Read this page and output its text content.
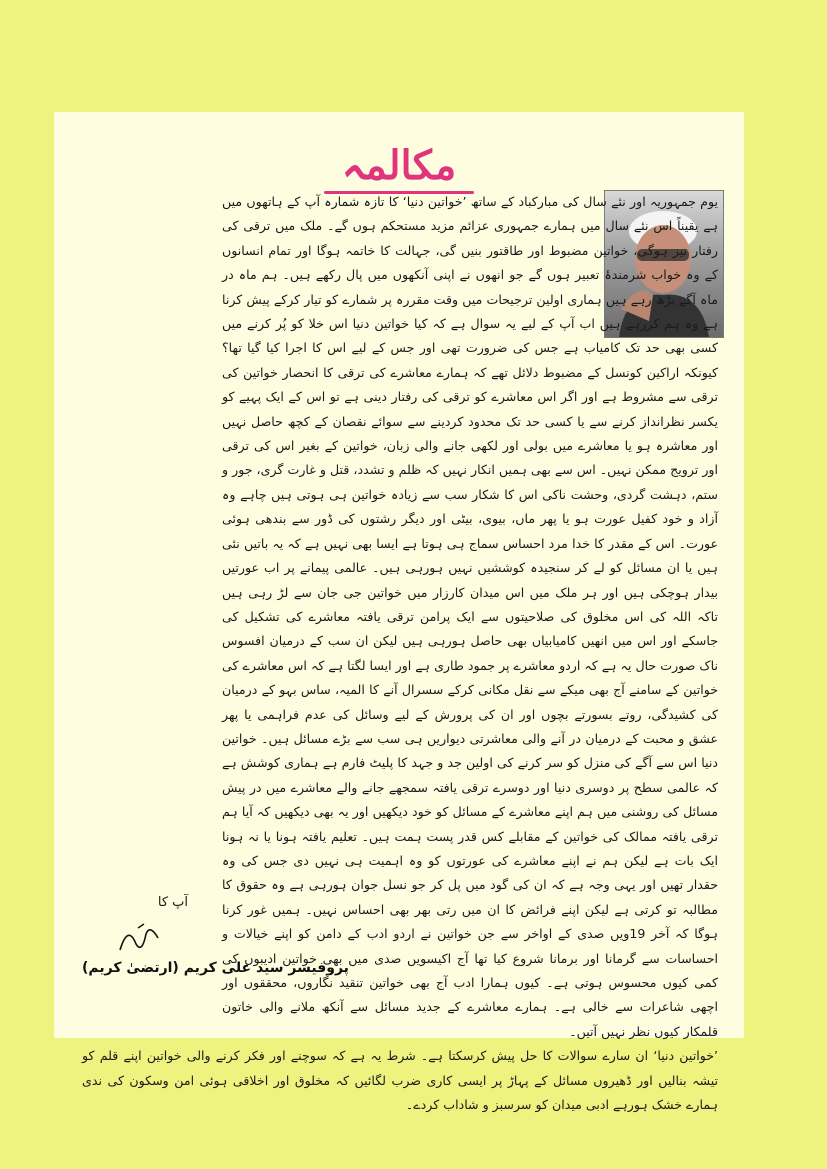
مکالمہ

یوم جمہوریہ اور نئے سال کی مبارکباد کے ساتھ ’خواتین دنیا‘ کا تازہ شمارہ آپ کے ہاتھوں میں ہے یقیناً اس نئے سال میں ہمارے جمہوری عزائم مزید مستحکم ہوں گے۔ ملک میں ترقی کی رفتار تیز ہوگی، خواتین مضبوط اور طاقتور بنیں گی، جہالت کا خاتمہ ہوگا اور تمام انسانوں کے وہ خواب شرمندۂ تعبیر ہوں گے جو انھوں نے اپنی آنکھوں میں پال رکھے ہیں۔ ہم ماہ در ماہ آگے بڑھ رہے ہیں ہماری اولین ترجیحات میں وقت مقررہ پر شمارے کو تیار کرکے پیش کرنا ہے وہ ہم کررہے ہیں اب آپ کے لیے یہ سوال ہے کہ کیا خواتین دنیا اس خلا کو پُر کرنے میں کسی بھی حد تک کامیاب ہے جس کی ضرورت تھی اور جس کے لیے اس کا اجرا کیا گیا تھا؟ کیونکہ اراکین کونسل کے مضبوط دلائل تھے کہ ہمارے معاشرے کی ترقی کا انحصار خواتین کی ترقی سے مشروط ہے اور اگر اس معاشرے کو ترقی کی رفتار دینی ہے تو اس کے ایک پہیے کو یکسر نظرانداز کرنے سے یا کسی حد تک محدود کردینے سے سوائے نقصان کے کچھ حاصل نہیں اور معاشرہ ہو یا معاشرے میں بولی اور لکھی جانے والی زبان، خواتین کے بغیر اس کی ترقی اور ترویج ممکن نہیں۔ اس سے بھی ہمیں انکار نہیں کہ ظلم و تشدد، قتل و غارت گری، جور و ستم، دہشت گردی، وحشت ناکی اس کا شکار سب سے زیادہ خواتین ہی ہوتی ہیں چاہے وہ آزاد و خود کفیل عورت ہو یا پھر ماں، بیوی، بیٹی اور دیگر رشتوں کی ڈور سے بندھی ہوئی عورت۔ اس کے مقدر کا خدا مرد احساس سماج ہی ہوتا ہے ایسا بھی نہیں ہے کہ یہ باتیں نئی ہیں یا ان مسائل کو لے کر سنجیدہ کوششیں نہیں ہورہی ہیں۔ عالمی پیمانے پر اب عورتیں بیدار ہوچکی ہیں اور ہر ملک میں اس میدان کارزار میں خواتین جی جان سے لڑ رہی ہیں تاکہ اللہ کی اس مخلوق کی صلاحیتوں سے ایک پرامن ترقی یافتہ معاشرے کی تشکیل کی جاسکے اور اس میں انھیں کامیابیاں بھی حاصل ہورہی ہیں لیکن ان سب کے درمیان افسوس ناک صورت حال یہ ہے کہ اردو معاشرے پر جمود طاری ہے اور ایسا لگتا ہے کہ اس معاشرے کی خواتین کے سامنے آج بھی میکے سے نقل مکانی کرکے سسرال آنے کا المیہ، ساس بہو کے درمیان کی کشیدگی، روتے بسورتے بچوں اور ان کی پرورش کے لیے وسائل کی عدم فراہمی یا پھر عشق و محبت کے درمیان در آنے والی معاشرتی دیواریں ہی سب سے بڑے مسائل ہیں۔ خواتین دنیا اس سے آگے کی منزل کو سر کرنے کی اولین جد و جہد کا پلیٹ فارم ہے ہماری کوشش ہے کہ عالمی سطح پر دوسری دنیا اور دوسرے ترقی یافتہ سمجھے جانے والے معاشرے میں در پیش مسائل کی روشنی میں ہم اپنے معاشرے کے مسائل کو خود دیکھیں اور یہ بھی دیکھیں کہ آیا ہم ترقی یافتہ ممالک کی خواتین کے مقابلے کس قدر پست ہمت ہیں۔ تعلیم یافتہ ہونا یا نہ ہونا ایک بات ہے لیکن ہم نے اپنے معاشرے کی عورتوں کو وہ اہمیت ہی نہیں دی جس کی وہ حقدار تھیں اور یہی وجہ ہے کہ ان کی گود میں پل کر جو نسل جوان ہورہی ہے وہ حقوق کا مطالبہ تو کرتی ہے لیکن اپنے فرائض کا ان میں رتی بھر بھی احساس نہیں۔ ہمیں غور کرنا ہوگا کہ آخر 19ویں صدی کے اواخر سے جن خواتین نے اردو ادب کے دامن کو اپنے خیالات و احساسات سے گرمانا اور برمانا شروع کیا تھا آج اکیسویں صدی میں بھی خواتین ادیبوں کی کمی کیوں محسوس ہوتی ہے۔ کیوں ہمارا ادب آج بھی خواتین تنقید نگاروں، محققوں اور اچھی شاعرات سے خالی ہے۔ ہمارے معاشرے کے جدید مسائل سے آنکھ ملانے والی خاتون قلمکار کیوں نظر نہیں آتیں۔

’خواتین دنیا‘ ان سارے سوالات کا حل پیش کرسکتا ہے۔ شرط یہ ہے کہ سوچنے اور فکر کرنے والی خواتین اپنے قلم کو تیشہ بنالیں اور ڈھیروں مسائل کے پہاڑ پر ایسی کاری ضرب لگائیں کہ مخلوق اور اخلاقی ہوئی امن وسکون کی ندی ہمارے خشک ہورہے ادبی میدان کو سرسبز و شاداب کردے۔

آپ کا
پروفیسر سید علی کریم (ارتضیٰ کریم)
